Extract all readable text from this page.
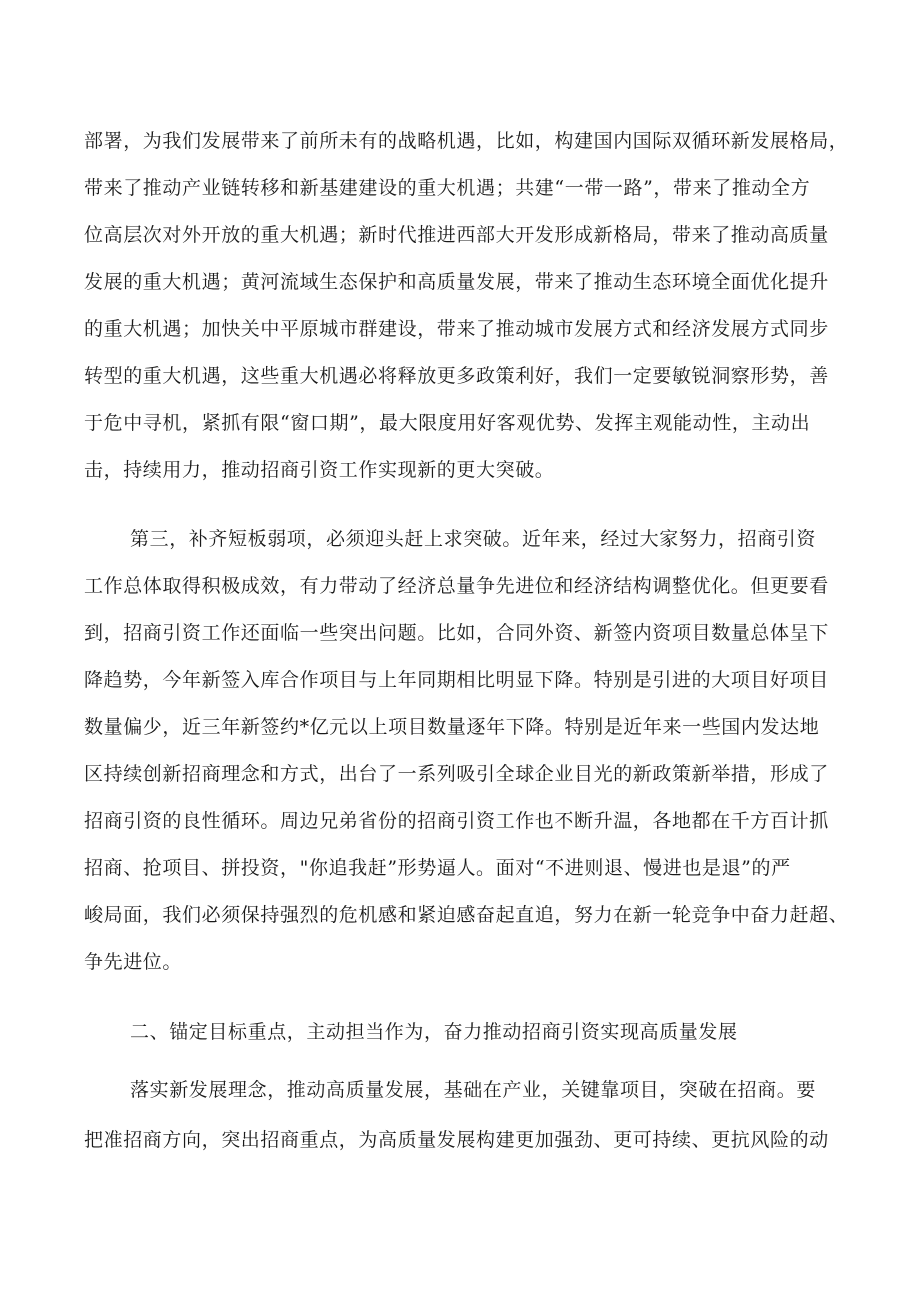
部署，为我们发展带来了前所未有的战略机遇，比如，构建国内国际双循环新发展格局，
带来了推动产业链转移和新基建建设的重大机遇；共建“一带一路”，带来了推动全方
位高层次对外开放的重大机遇；新时代推进西部大开发形成新格局，带来了推动高质量
发展的重大机遇；黄河流域生态保护和高质量发展，带来了推动生态环境全面优化提升
的重大机遇；加快关中平原城市群建设，带来了推动城市发展方式和经济发展方式同步
转型的重大机遇，这些重大机遇必将释放更多政策利好，我们一定要敏锐洞察形势，善
于危中寻机，紧抓有限“窗口期”，最大限度用好客观优势、发挥主观能动性，主动出
击，持续用力，推动招商引资工作实现新的更大突破。
第三，补齐短板弱项，必须迎头赶上求突破。近年来，经过大家努力，招商引资
工作总体取得积极成效，有力带动了经济总量争先进位和经济结构调整优化。但更要看
到，招商引资工作还面临一些突出问题。比如，合同外资、新签内资项目数量总体呈下
降趋势，今年新签入库合作项目与上年同期相比明显下降。特别是引进的大项目好项目
数量偏少，近三年新签约*亿元以上项目数量逐年下降。特别是近年来一些国内发达地
区持续创新招商理念和方式，出台了一系列吸引全球企业目光的新政策新举措，形成了
招商引资的良性循环。周边兄弟省份的招商引资工作也不断升温，各地都在千方百计抓
招商、抢项目、拼投资，"你追我赶”形势逼人。面对“不进则退、慢进也是退”的严
峻局面，我们必须保持强烈的危机感和紧迫感奋起直追，努力在新一轮竞争中奋力赶超、
争先进位。
二、锚定目标重点，主动担当作为，奋力推动招商引资实现高质量发展
落实新发展理念，推动高质量发展，基础在产业，关键靠项目，突破在招商。要
把准招商方向，突出招商重点，为高质量发展构建更加强劲、更可持续、更抗风险的动
